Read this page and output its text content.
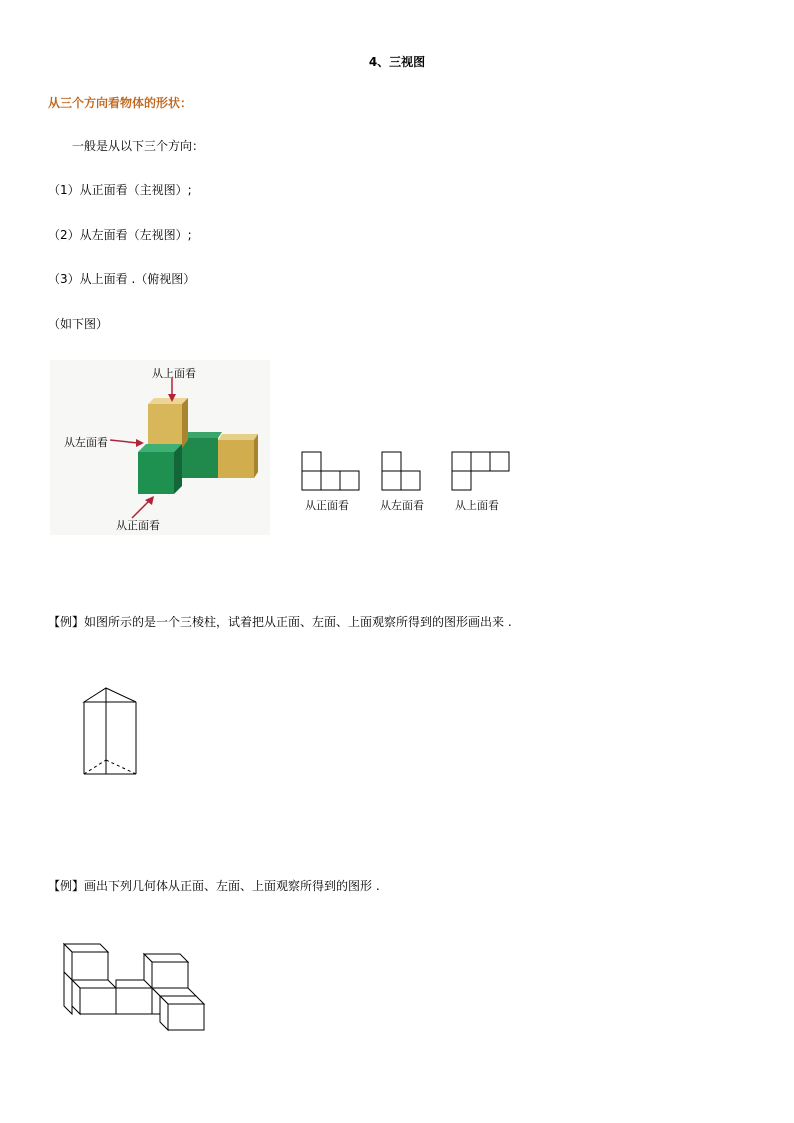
4、三视图
从三个方向看物体的形状：
一般是从以下三个方向：
（1）从正面看（主视图）;
（2）从左面看（左视图）;
（3）从上面看 .（俯视图）
（如下图）
从上面看
从左面看
从正面看
从正面看	从左面看	从上面看
【例】如图所示的是一个三棱柱，试着把从正面、左面、上面观察所得到的图形画出来 .
【例】画出下列几何体从正面、左面、上面观察所得到的图形 .
